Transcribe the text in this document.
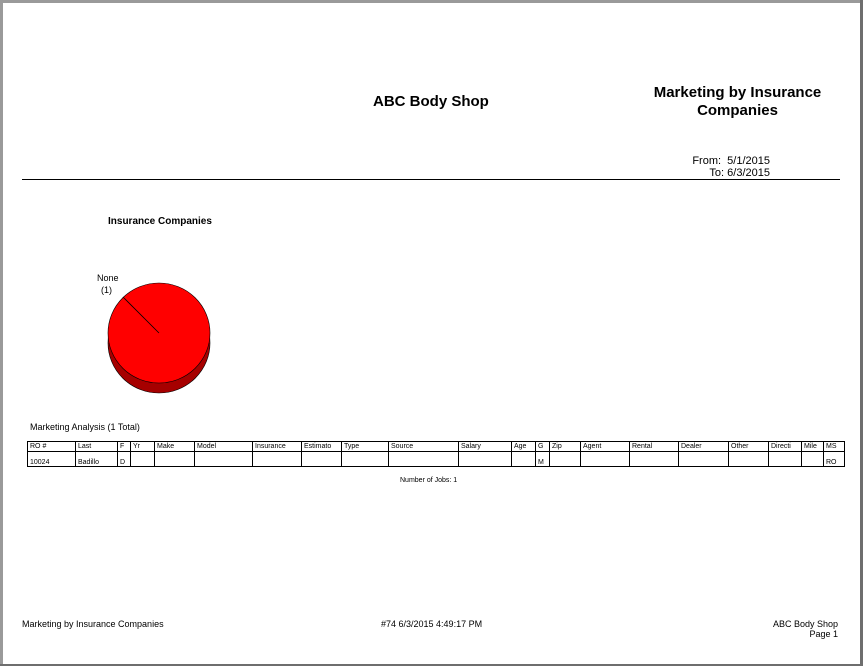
ABC Body Shop
Marketing by Insurance Companies
From: 5/1/2015
To: 6/3/2015
Insurance Companies
None
(1)
Marketing Analysis (1 Total)
RO #	Last	F	Yr	Make	Model	Insurance	Estimato	Type	Source	Salary	Age	G	Zip	Agent	Rental	Dealer	Other	Directi	Mile	MS
10024	Badillo	D										M								RO
Number of Jobs: 1
Marketing by Insurance Companies	#74 6/3/2015 4:49:17 PM	ABC Body Shop
Page 1
